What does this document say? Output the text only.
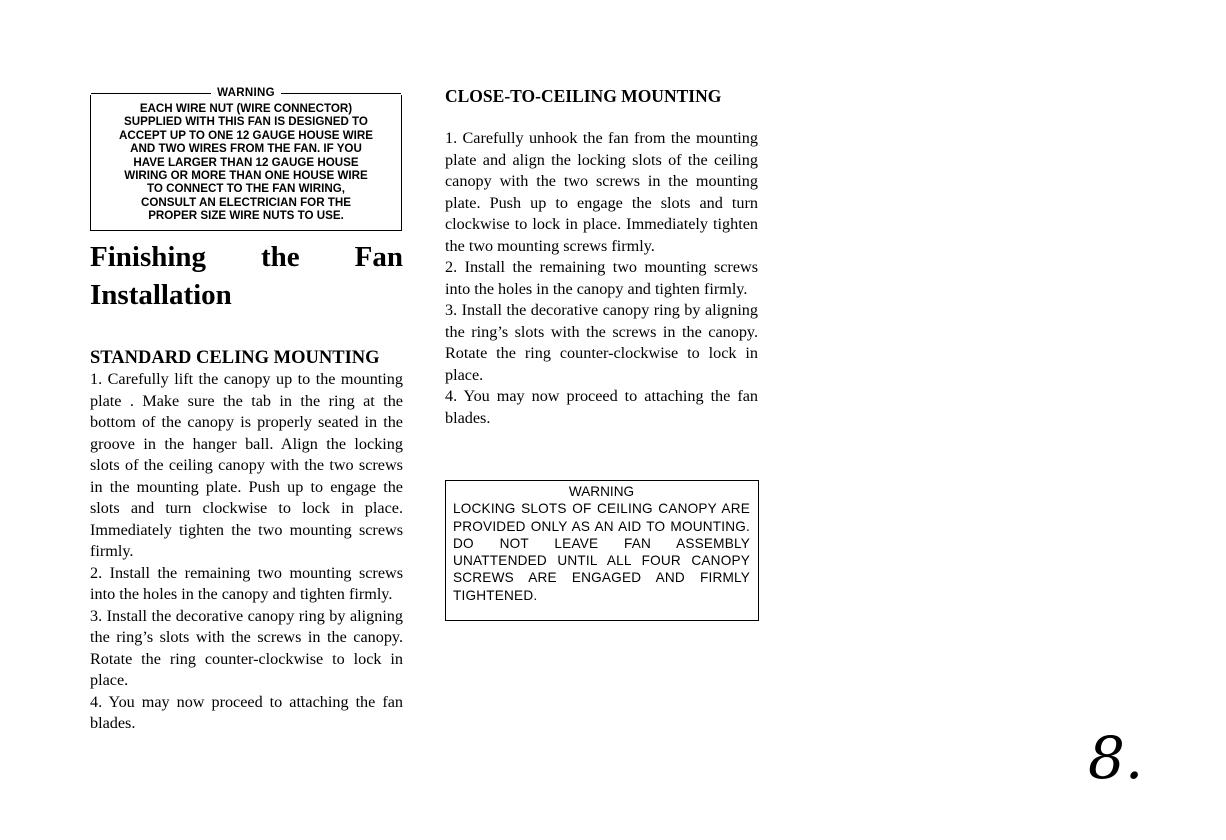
WARNING
EACH WIRE NUT (WIRE CONNECTOR)
SUPPLIED WITH THIS FAN IS DESIGNED TO
ACCEPT UP TO ONE 12 GAUGE HOUSE WIRE
AND TWO WIRES FROM THE FAN. IF YOU
HAVE LARGER THAN 12 GAUGE HOUSE
WIRING OR MORE THAN ONE HOUSE WIRE
TO CONNECT TO THE FAN WIRING,
CONSULT AN ELECTRICIAN FOR THE
PROPER SIZE WIRE NUTS TO USE.
Finishing the Fan
Installation
STANDARD CELING MOUNTING

1. Carefully lift the canopy up to the mounting plate . Make sure the tab in the ring at the bottom of the canopy is properly seated in the groove in the hanger ball. Align the locking slots of the ceiling canopy with the two screws in the mounting plate. Push up to engage the slots and turn clockwise to lock in place. Immediately tighten the two mounting screws firmly.

2. Install the remaining two mounting screws into the holes in the canopy and tighten firmly.

3. Install the decorative canopy ring by aligning the ring’s slots with the screws in the canopy. Rotate the ring counter-clockwise to lock in place.

4. You may now proceed to attaching the fan blades.

CLOSE-TO-CEILING MOUNTING

1. Carefully unhook the fan from the mounting plate and align the locking slots of the ceiling canopy with the two screws in the mounting plate. Push up to engage the slots and turn clockwise to lock in place. Immediately tighten the two mounting screws firmly.

2. Install the remaining two mounting screws into the holes in the canopy and tighten firmly.

3. Install the decorative canopy ring by aligning the ring’s slots with the screws in the canopy. Rotate the ring counter-clockwise to lock in place.

4. You may now proceed to attaching the fan blades.

WARNING
LOCKING SLOTS OF CEILING CANOPY ARE PROVIDED ONLY AS AN AID TO MOUNTING. DO NOT LEAVE FAN ASSEMBLY UNATTENDED UNTIL ALL FOUR CANOPY SCREWS ARE ENGAGED AND FIRMLY TIGHTENED.
8.
